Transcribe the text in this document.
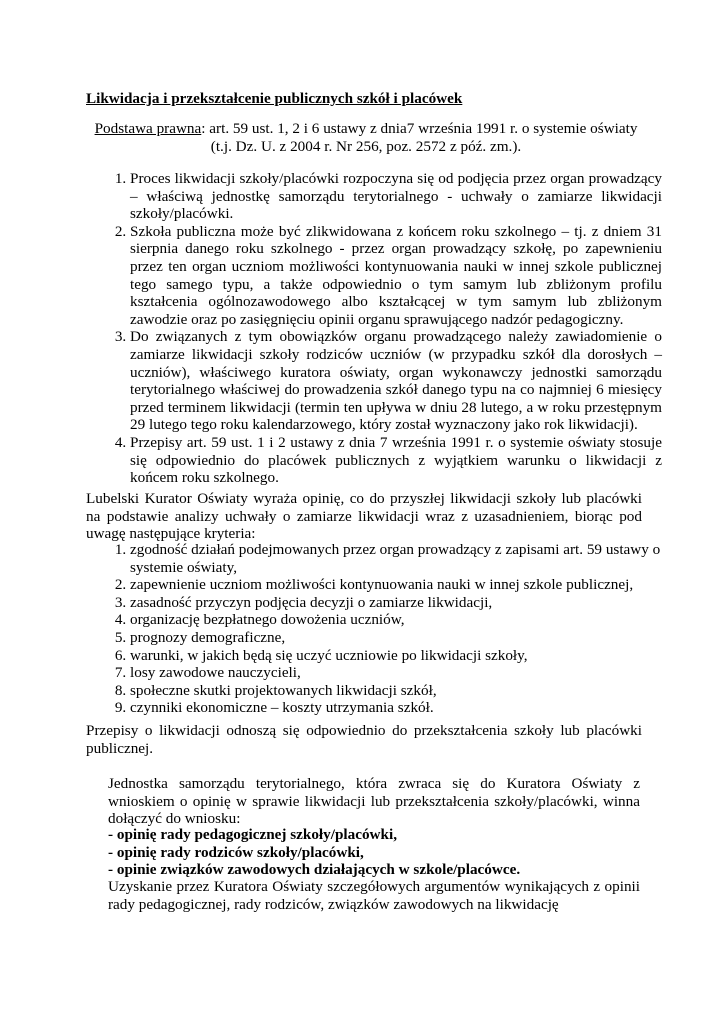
Likwidacja i przekształcenie publicznych szkół i placówek

Podstawa prawna: art. 59 ust. 1, 2 i 6 ustawy z dnia7 września 1991 r. o systemie oświaty
(t.j. Dz. U. z 2004 r. Nr 256, poz. 2572 z póź. zm.).

1. Proces likwidacji szkoły/placówki rozpoczyna się od podjęcia przez organ prowadzący – właściwą jednostkę samorządu terytorialnego - uchwały o zamiarze likwidacji szkoły/placówki.
2. Szkoła publiczna może być zlikwidowana z końcem roku szkolnego – tj. z dniem 31 sierpnia danego roku szkolnego - przez organ prowadzący szkołę, po zapewnieniu przez ten organ uczniom możliwości kontynuowania nauki w innej szkole publicznej tego samego typu, a także odpowiednio o tym samym lub zbliżonym profilu kształcenia ogólnozawodowego albo kształcącej w tym samym lub zbliżonym zawodzie oraz po zasięgnięciu opinii organu sprawującego nadzór pedagogiczny.
3. Do związanych z tym obowiązków organu prowadzącego należy zawiadomienie o zamiarze likwidacji szkoły rodziców uczniów (w przypadku szkół dla dorosłych – uczniów), właściwego kuratora oświaty, organ wykonawczy jednostki samorządu terytorialnego właściwej do prowadzenia szkół danego typu na co najmniej 6 miesięcy przed terminem likwidacji (termin ten upływa w dniu 28 lutego, a w roku przestępnym 29 lutego tego roku kalendarzowego, który został wyznaczony jako rok likwidacji).
4. Przepisy art. 59 ust. 1 i 2 ustawy z dnia 7 września 1991 r. o systemie oświaty stosuje się odpowiednio do placówek publicznych z wyjątkiem warunku o likwidacji z końcem roku szkolnego.

Lubelski Kurator Oświaty wyraża opinię, co do przyszłej likwidacji szkoły lub placówki na podstawie analizy uchwały o zamiarze likwidacji wraz z uzasadnieniem, biorąc pod uwagę następujące kryteria:

1. zgodność działań podejmowanych przez organ prowadzący z zapisami art. 59 ustawy o systemie oświaty,
2. zapewnienie uczniom możliwości kontynuowania nauki w innej szkole publicznej,
3. zasadność przyczyn podjęcia decyzji o zamiarze likwidacji,
4. organizację bezpłatnego dowożenia uczniów,
5. prognozy demograficzne,
6. warunki, w jakich będą się uczyć uczniowie po likwidacji szkoły,
7. losy zawodowe nauczycieli,
8. społeczne skutki projektowanych likwidacji szkół,
9. czynniki ekonomiczne – koszty utrzymania szkół.

Przepisy o likwidacji odnoszą się odpowiednio do przekształcenia szkoły lub placówki publicznej.

Jednostka samorządu terytorialnego, która zwraca się do Kuratora Oświaty z wnioskiem o opinię w sprawie likwidacji lub przekształcenia szkoły/placówki, winna dołączyć do wniosku:

- opinię rady pedagogicznej szkoły/placówki,
- opinię rady rodziców szkoły/placówki,
- opinie związków zawodowych działających w szkole/placówce.

Uzyskanie przez Kuratora Oświaty szczegółowych argumentów wynikających z opinii rady pedagogicznej, rady rodziców, związków zawodowych na likwidację
